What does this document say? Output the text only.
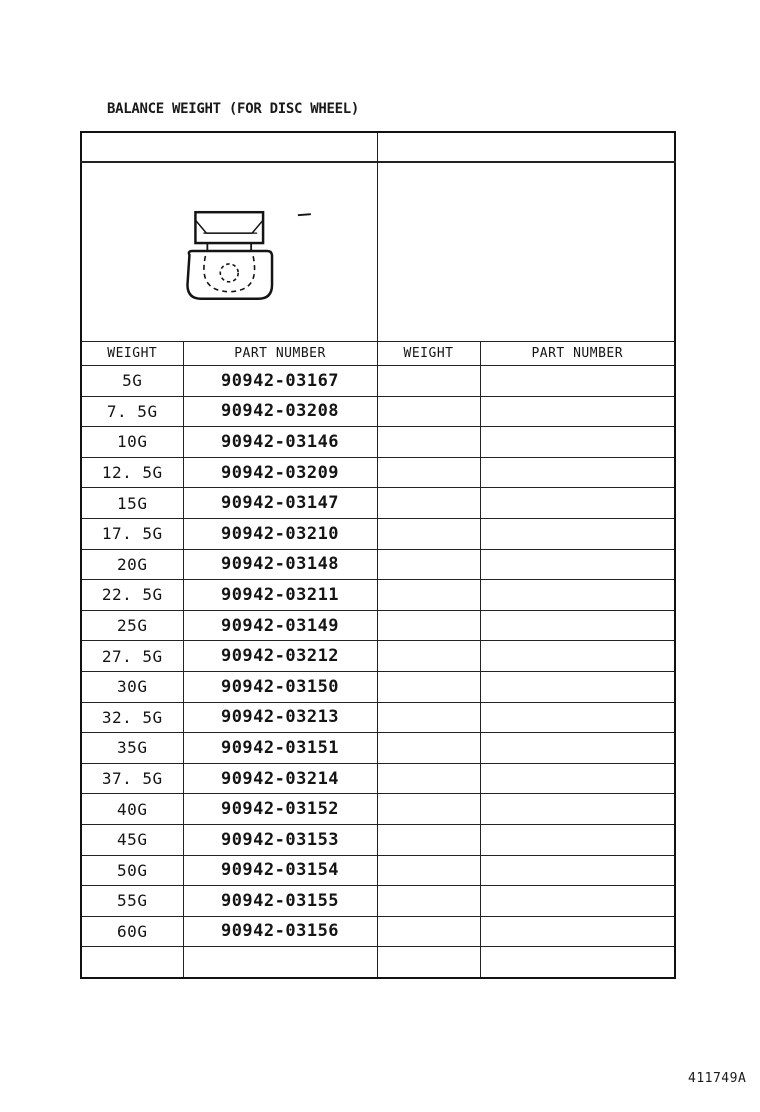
BALANCE WEIGHT (FOR DISC WHEEL)

WEIGHT	PART NUMBER	WEIGHT	PART NUMBER
5G	90942-03167		
7. 5G	90942-03208		
10G	90942-03146		
12. 5G	90942-03209		
15G	90942-03147		
17. 5G	90942-03210		
20G	90942-03148		
22. 5G	90942-03211		
25G	90942-03149		
27. 5G	90942-03212		
30G	90942-03150		
32. 5G	90942-03213		
35G	90942-03151		
37. 5G	90942-03214		
40G	90942-03152		
45G	90942-03153		
50G	90942-03154		
55G	90942-03155		
60G	90942-03156		

411749A
